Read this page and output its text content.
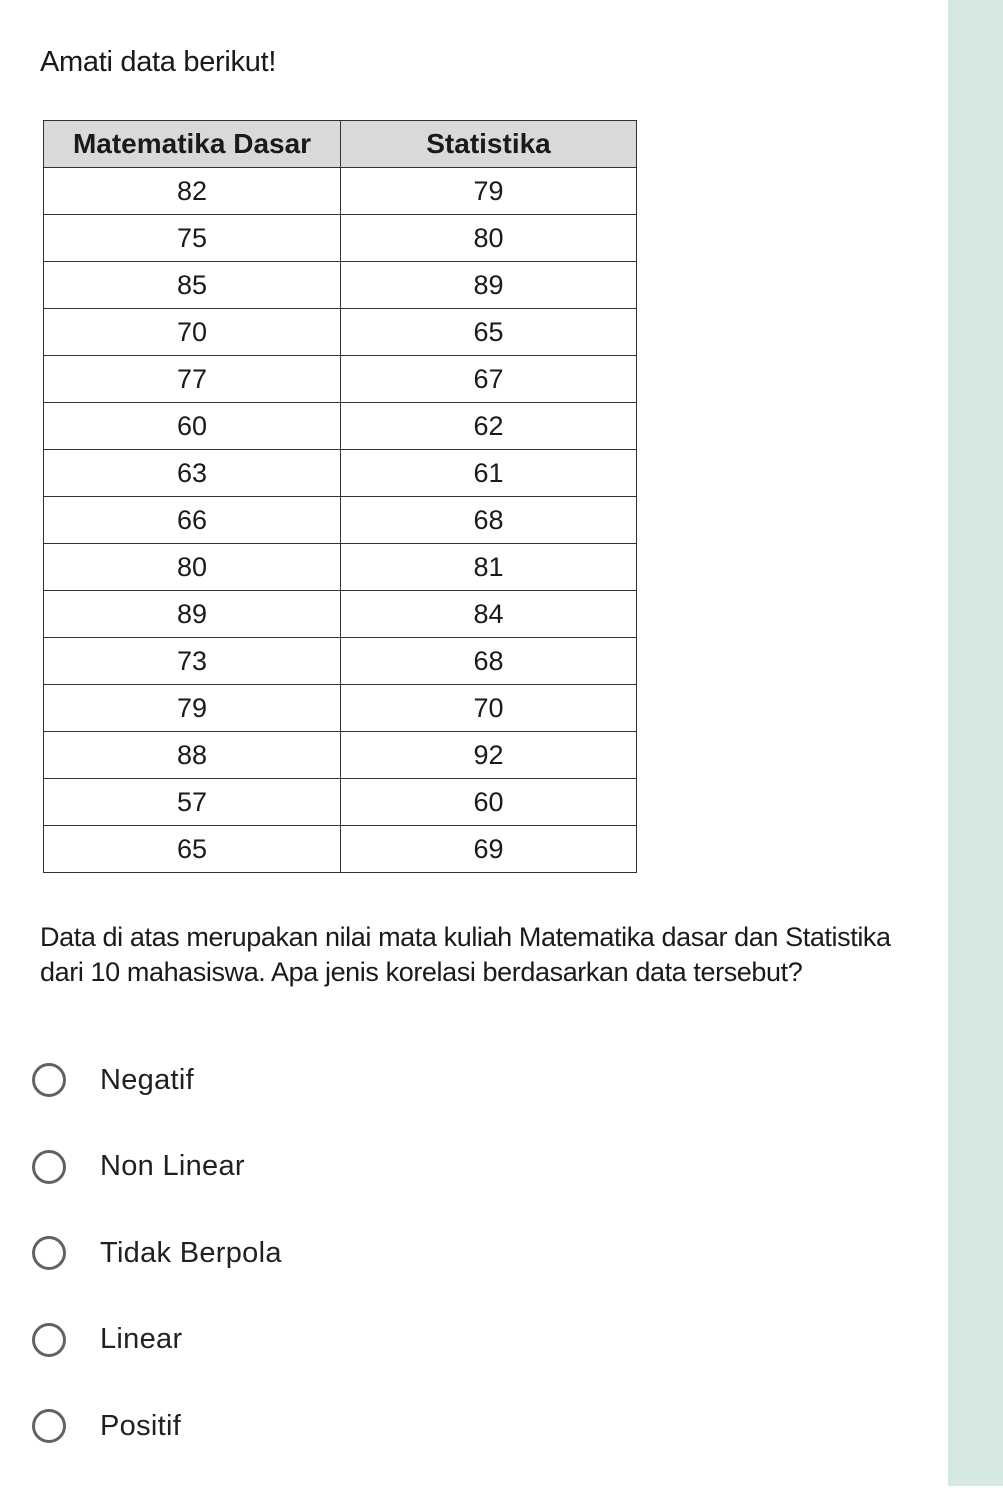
Amati data berikut!
Matematika Dasar	Statistika
82	79
75	80
85	89
70	65
77	67
60	62
63	61
66	68
80	81
89	84
73	68
79	70
88	92
57	60
65	69
Data di atas merupakan nilai mata kuliah Matematika dasar dan Statistika dari 10 mahasiswa. Apa jenis korelasi berdasarkan data tersebut?
Negatif
Non Linear
Tidak Berpola
Linear
Positif
